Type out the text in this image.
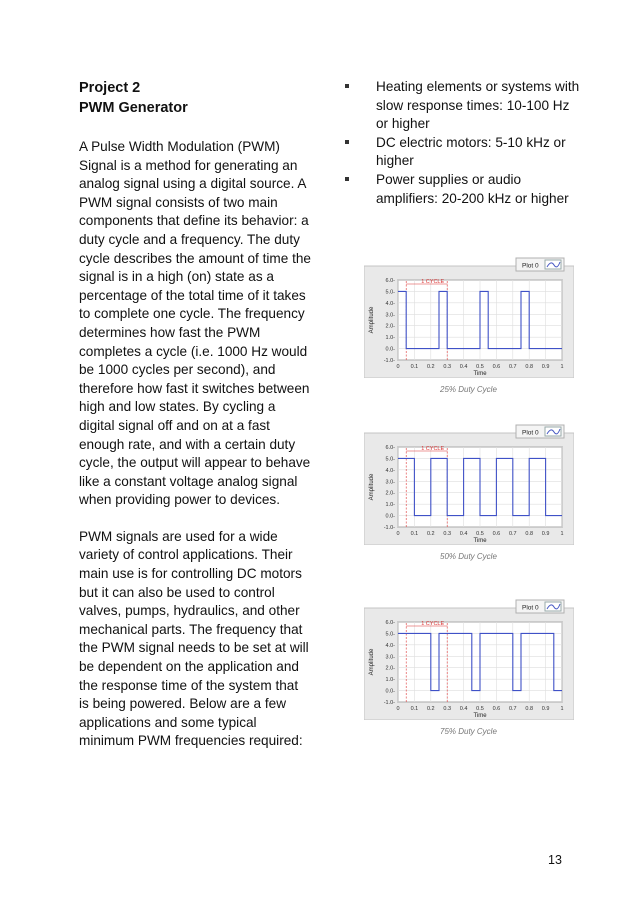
Project 2

PWM Generator

A Pulse Width Modulation (PWM) Signal is a method for generating an analog signal using a digital source. A PWM signal consists of two main components that define its behavior: a duty cycle and a frequency. The duty cycle describes the amount of time the signal is in a high (on) state as a percentage of the total time of it takes to complete one cycle. The frequency determines how fast the PWM completes a cycle (i.e. 1000 Hz would be 1000 cycles per second), and therefore how fast it switches between high and low states. By cycling a digital signal off and on at a fast enough rate, and with a certain duty cycle, the output will appear to behave like a constant voltage analog signal when providing power to devices.

PWM signals are used for a wide variety of control applications. Their main use is for controlling DC motors but it can also be used to control valves, pumps, hydraulics, and other mechanical parts. The frequency that the PWM signal needs to be set at will be dependent on the application and the response time of the system that is being powered. Below are a few applications and some typical minimum PWM frequencies required:

Heating elements or systems with slow response times: 10-100 Hz or higher
DC electric motors: 5-10 kHz or higher
Power supplies or audio amplifiers: 20-200 kHz or higher
Plot 0
6.0-
5.0-
4.0-
3.0-
2.0-
1.0-
0.0-
-1.0-
0 0.1 0.2 0.3 0.4 0.5 0.6 0.7 0.8 0.9 1
Time
Amplitude
1 CYCLE
25% Duty Cycle
Plot 0
6.0-
5.0-
4.0-
3.0-
2.0-
1.0-
0.0-
-1.0-
0 0.1 0.2 0.3 0.4 0.5 0.6 0.7 0.8 0.9 1
Time
Amplitude
1 CYCLE
50% Duty Cycle
Plot 0
6.0-
5.0-
4.0-
3.0-
2.0-
1.0-
0.0-
-1.0-
0 0.1 0.2 0.3 0.4 0.5 0.6 0.7 0.8 0.9 1
Time
Amplitude
1 CYCLE
75% Duty Cycle
13
